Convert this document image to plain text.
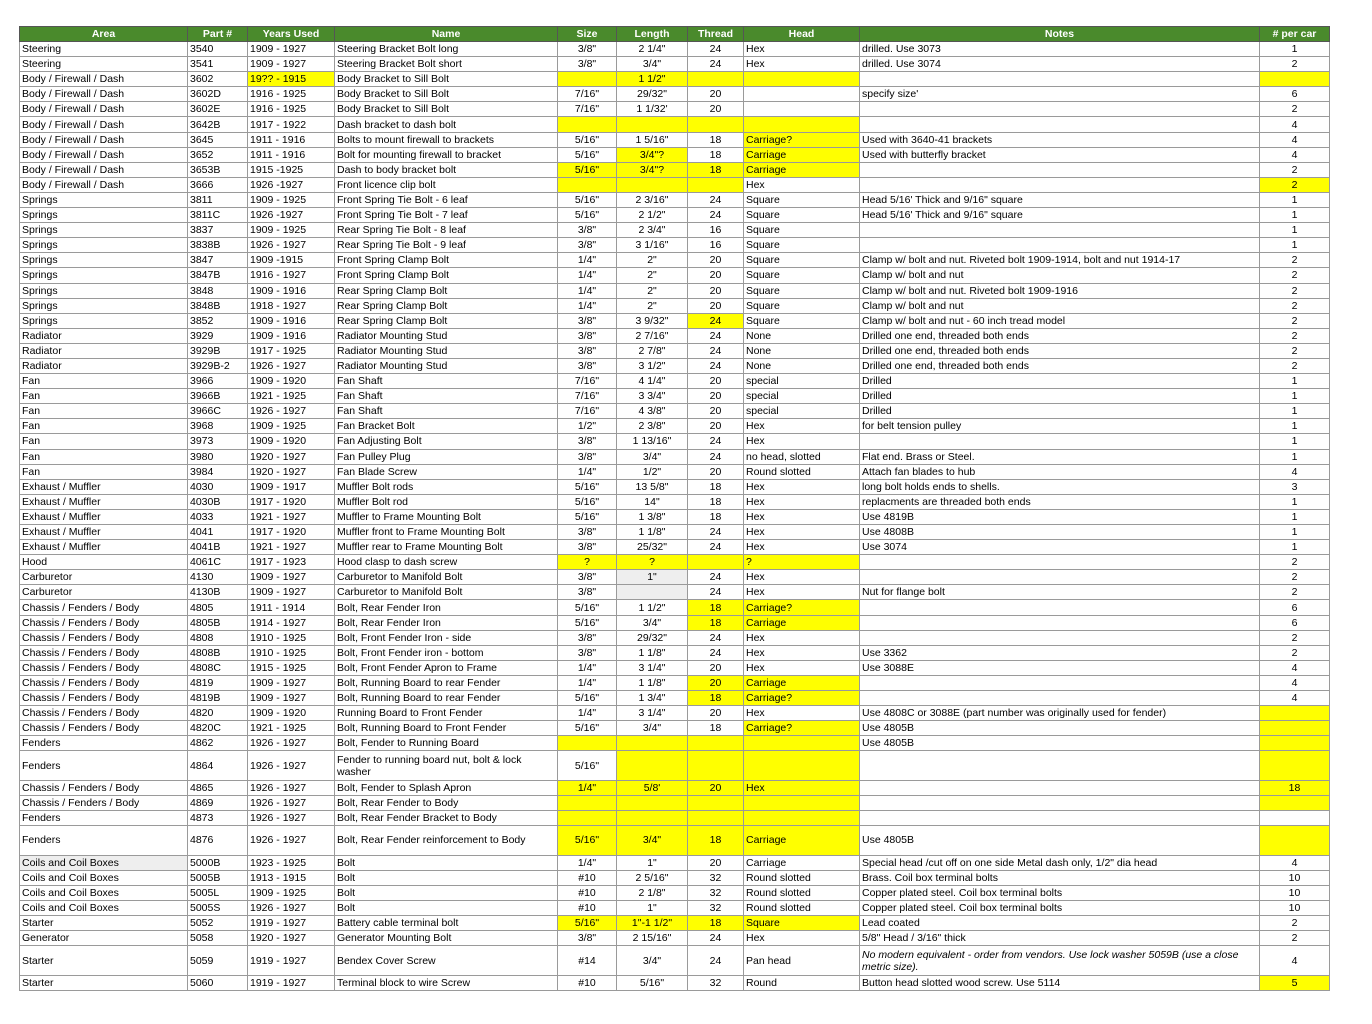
Area	Part #	Years Used	Name	Size	Length	Thread	Head	Notes	# per car
Steering	3540	1909 - 1927	Steering Bracket Bolt long	3/8"	2 1/4"	24	Hex	drilled. Use 3073	1
Steering	3541	1909 - 1927	Steering Bracket Bolt short	3/8"	3/4"	24	Hex	drilled. Use 3074	2
Body / Firewall / Dash	3602	19?? - 1915	Body Bracket to Sill Bolt		1 1/2"				
Body / Firewall / Dash	3602D	1916 - 1925	Body Bracket to Sill Bolt	7/16"	29/32"	20		specify size'	6
Body / Firewall / Dash	3602E	1916 - 1925	Body Bracket to Sill Bolt	7/16"	1 1/32'	20			2
Body / Firewall / Dash	3642B	1917 - 1922	Dash bracket to dash bolt						4
Body / Firewall / Dash	3645	1911 - 1916	Bolts to mount firewall to brackets	5/16"	1 5/16"	18	Carriage?	Used with 3640-41 brackets	4
Body / Firewall / Dash	3652	1911 - 1916	Bolt for mounting firewall to bracket	5/16"	3/4"?	18	Carriage	Used with butterfly bracket	4
Body / Firewall / Dash	3653B	1915 -1925	Dash to body bracket bolt	5/16"	3/4"?	18	Carriage		2
Body / Firewall / Dash	3666	1926 -1927	Front licence clip bolt				Hex		2
Springs	3811	1909 - 1925	Front Spring Tie Bolt - 6 leaf	5/16"	2 3/16"	24	Square	Head 5/16' Thick and 9/16" square	1
Springs	3811C	1926 -1927	Front Spring Tie Bolt - 7 leaf	5/16"	2 1/2"	24	Square	Head 5/16' Thick and 9/16" square	1
Springs	3837	1909 - 1925	Rear Spring Tie Bolt - 8 leaf	3/8"	2 3/4"	16	Square		1
Springs	3838B	1926 - 1927	Rear Spring Tie Bolt - 9 leaf	3/8"	3 1/16"	16	Square		1
Springs	3847	1909 -1915	Front Spring Clamp Bolt	1/4"	2"	20	Square	Clamp w/ bolt and nut. Riveted bolt 1909-1914, bolt and nut 1914-17	2
Springs	3847B	1916 - 1927	Front Spring Clamp Bolt	1/4"	2"	20	Square	Clamp w/ bolt and nut	2
Springs	3848	1909 - 1916	Rear Spring Clamp Bolt	1/4"	2"	20	Square	Clamp w/ bolt and nut. Riveted bolt 1909-1916	2
Springs	3848B	1918 - 1927	Rear Spring Clamp Bolt	1/4"	2"	20	Square	Clamp w/ bolt and nut	2
Springs	3852	1909 - 1916	Rear Spring Clamp Bolt	3/8"	3 9/32"	24	Square	Clamp w/ bolt and nut - 60 inch tread model	2
Radiator	3929	1909 - 1916	Radiator Mounting Stud	3/8"	2 7/16"	24	None	Drilled one end, threaded both ends	2
Radiator	3929B	1917 - 1925	Radiator Mounting Stud	3/8"	2 7/8"	24	None	Drilled one end, threaded both ends	2
Radiator	3929B-2	1926 - 1927	Radiator Mounting Stud	3/8"	3 1/2"	24	None	Drilled one end, threaded both ends	2
Fan	3966	1909 - 1920	Fan Shaft	7/16"	4 1/4"	20	special	Drilled	1
Fan	3966B	1921 - 1925	Fan Shaft	7/16"	3 3/4"	20	special	Drilled	1
Fan	3966C	1926 - 1927	Fan Shaft	7/16"	4 3/8"	20	special	Drilled	1
Fan	3968	1909 - 1925	Fan Bracket Bolt	1/2"	2 3/8"	20	Hex	for belt tension pulley	1
Fan	3973	1909 - 1920	Fan Adjusting Bolt	3/8"	1 13/16"	24	Hex		1
Fan	3980	1920 - 1927	Fan Pulley Plug	3/8"	3/4"	24	no head, slotted	Flat end. Brass or Steel.	1
Fan	3984	1920 - 1927	Fan Blade Screw	1/4"	1/2"	20	Round slotted	Attach fan blades to hub	4
Exhaust / Muffler	4030	1909 - 1917	Muffler Bolt rods	5/16"	13 5/8"	18	Hex	long bolt holds ends to shells.	3
Exhaust / Muffler	4030B	1917 - 1920	Muffler Bolt rod	5/16"	14"	18	Hex	replacments are threaded both ends	1
Exhaust / Muffler	4033	1921 - 1927	Muffler to Frame Mounting Bolt	5/16"	1 3/8"	18	Hex	Use 4819B	1
Exhaust / Muffler	4041	1917 - 1920	Muffler front to Frame Mounting Bolt	3/8"	1 1/8"	24	Hex	Use 4808B	1
Exhaust / Muffler	4041B	1921 - 1927	Muffler rear to Frame Mounting Bolt	3/8"	25/32"	24	Hex	Use 3074	1
Hood	4061C	1917 - 1923	Hood clasp to dash screw	?	?		?		2
Carburetor	4130	1909 - 1927	Carburetor to Manifold Bolt	3/8"	1"	24	Hex		2
Carburetor	4130B	1909 - 1927	Carburetor to Manifold Bolt	3/8"		24	Hex	Nut for flange bolt	2
Chassis / Fenders / Body	4805	1911 - 1914	Bolt, Rear Fender Iron	5/16"	1 1/2"	18	Carriage?		6
Chassis / Fenders / Body	4805B	1914 - 1927	Bolt, Rear Fender Iron	5/16"	3/4"	18	Carriage		6
Chassis / Fenders / Body	4808	1910 - 1925	Bolt, Front Fender Iron - side	3/8"	29/32"	24	Hex		2
Chassis / Fenders / Body	4808B	1910 - 1925	Bolt, Front Fender iron - bottom	3/8"	1 1/8"	24	Hex	Use 3362	2
Chassis / Fenders / Body	4808C	1915 - 1925	Bolt, Front Fender Apron to Frame	1/4"	3 1/4"	20	Hex	Use 3088E	4
Chassis / Fenders / Body	4819	1909 - 1927	Bolt, Running Board to rear Fender	1/4"	1 1/8"	20	Carriage		4
Chassis / Fenders / Body	4819B	1909 - 1927	Bolt, Running Board to rear Fender	5/16"	1 3/4"	18	Carriage?		4
Chassis / Fenders / Body	4820	1909 - 1920	Running Board to Front Fender	1/4"	3 1/4"	20	Hex	Use 4808C or 3088E (part number was originally used for fender)	
Chassis / Fenders / Body	4820C	1921 - 1925	Bolt, Running Board to Front Fender	5/16"	3/4"	18	Carriage?	Use 4805B	
Fenders	4862	1926 - 1927	Bolt, Fender to Running Board					Use 4805B	
Fenders	4864	1926 - 1927	Fender to running board nut, bolt & lock washer	5/16"					
Chassis / Fenders / Body	4865	1926 - 1927	Bolt, Fender to Splash Apron	1/4"	5/8'	20	Hex		18
Chassis / Fenders / Body	4869	1926 - 1927	Bolt, Rear Fender to Body						
Fenders	4873	1926 - 1927	Bolt, Rear Fender Bracket to Body						
Fenders	4876	1926 - 1927	Bolt, Rear Fender reinforcement to Body	5/16"	3/4"	18	Carriage	Use 4805B	
Coils and Coil Boxes	5000B	1923 - 1925	Bolt	1/4"	1"	20	Carriage	Special head /cut off on one side Metal dash only, 1/2" dia head	4
Coils and Coil Boxes	5005B	1913 - 1915	Bolt	#10	2 5/16"	32	Round slotted	Brass. Coil box terminal bolts	10
Coils and Coil Boxes	5005L	1909 - 1925	Bolt	#10	2 1/8"	32	Round slotted	Copper plated steel. Coil box terminal bolts	10
Coils and Coil Boxes	5005S	1926 - 1927	Bolt	#10	1"	32	Round slotted	Copper plated steel. Coil box terminal bolts	10
Starter	5052	1919 - 1927	Battery cable terminal bolt	5/16"	1"-1 1/2"	18	Square	Lead coated	2
Generator	5058	1920 - 1927	Generator Mounting Bolt	3/8"	2 15/16"	24	Hex	5/8" Head / 3/16" thick	2
Starter	5059	1919 - 1927	Bendex Cover Screw	#14	3/4"	24	Pan head	No modern equivalent - order from vendors. Use lock washer 5059B (use a close metric size).	4
Starter	5060	1919 - 1927	Terminal block to wire Screw	#10	5/16"	32	Round	Button head slotted wood screw. Use 5114	5
